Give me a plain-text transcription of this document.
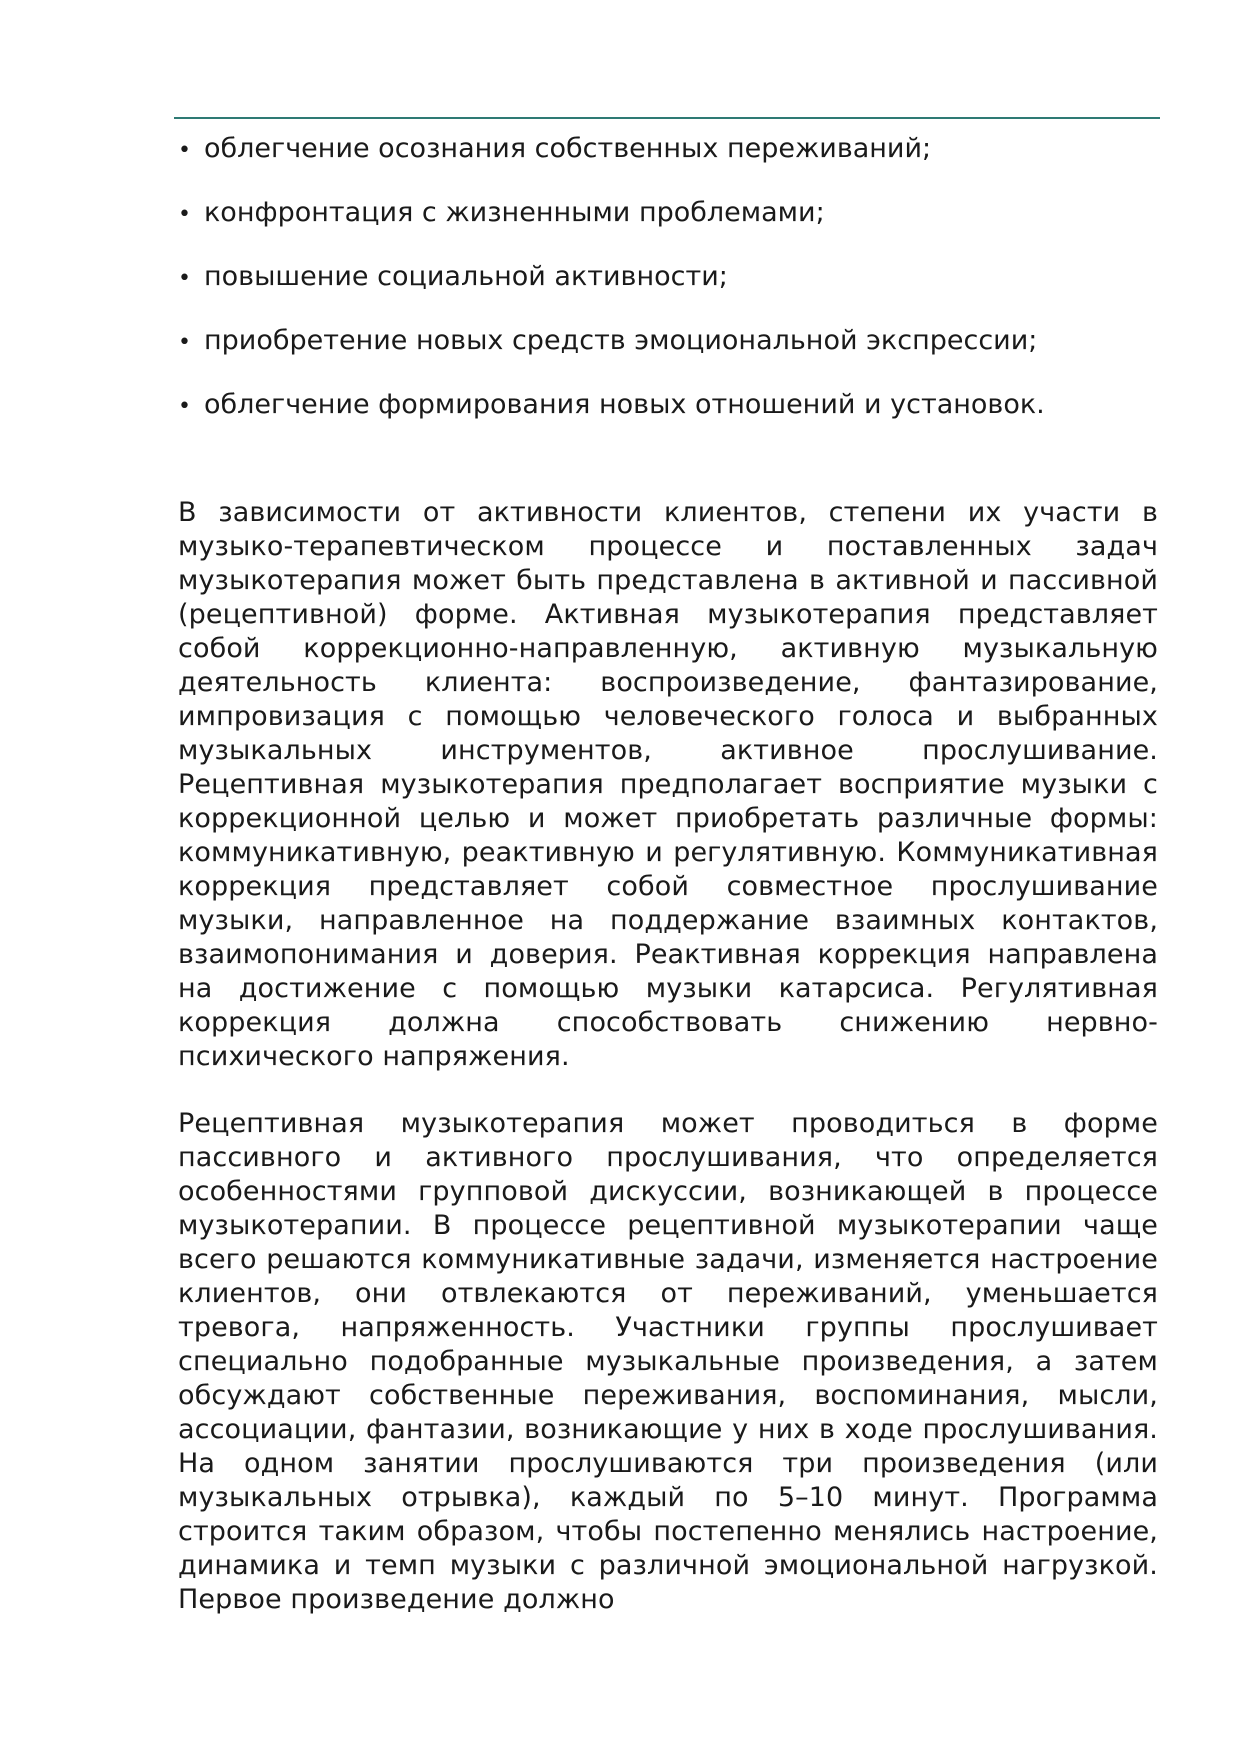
• облегчение осознания собственных переживаний;
• конфронтация с жизненными проблемами;
• повышение социальной активности;
• приобретение новых средств эмоциональной экспрессии;
• облегчение формирования новых отношений и установок.

В зависимости от активности клиентов, степени их участи в музыко-терапевтическом процессе и поставленных задач музыкотерапия может быть представлена в активной и пассивной (рецептивной) форме. Активная музыкотерапия представляет собой коррекционно-направленную, активную музыкальную деятельность клиента: воспроизведение, фантазирование, импровизация с помощью человеческого голоса и выбранных музыкальных инструментов, активное прослушивание. Рецептивная музыкотерапия предполагает восприятие музыки с коррекционной целью и может приобретать различные формы: коммуникативную, реактивную и регулятивную. Коммуникативная коррекция представляет собой совместное прослушивание музыки, направленное на поддержание взаимных контактов, взаимопонимания и доверия. Реактивная коррекция направлена на достижение с помощью музыки катарсиса. Регулятивная коррекция должна способствовать снижению нервно-психического напряжения.

Рецептивная музыкотерапия может проводиться в форме пассивного и активного прослушивания, что определяется особенностями групповой дискуссии, возникающей в процессе музыкотерапии. В процессе рецептивной музыкотерапии чаще всего решаются коммуникативные задачи, изменяется настроение клиентов, они отвлекаются от переживаний, уменьшается тревога, напряженность. Участники группы прослушивает специально подобранные музыкальные произведения, а затем обсуждают собственные переживания, воспоминания, мысли, ассоциации, фантазии, возникающие у них в ходе прослушивания. На одном занятии прослушиваются три произведения (или музыкальных отрывка), каждый по 5–10 минут. Программа строится таким образом, чтобы постепенно менялись настроение, динамика и темп музыки с различной эмоциональной нагрузкой. Первое произведение должно
